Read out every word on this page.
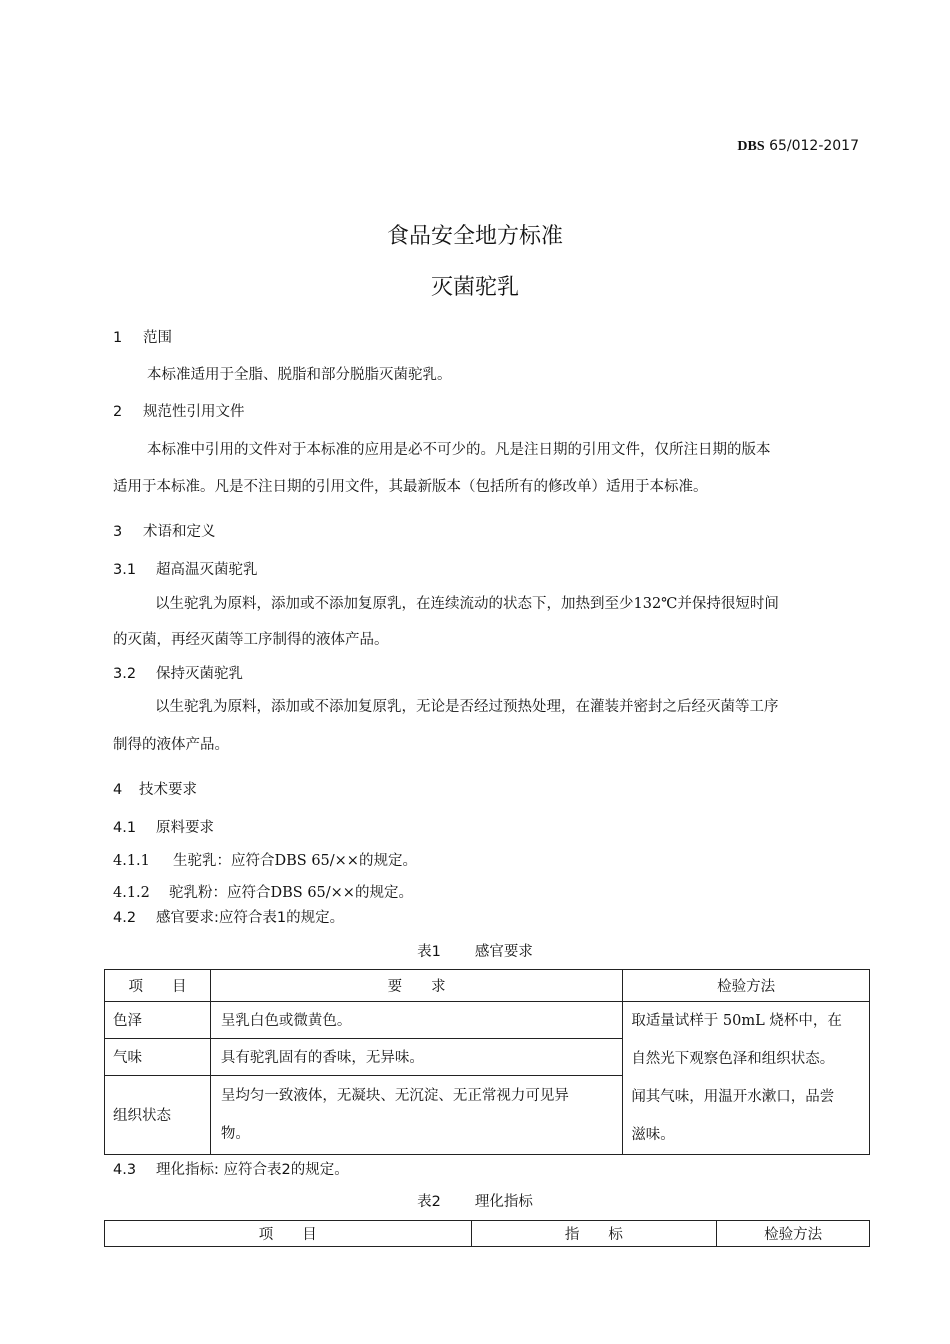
DBS 65/012-2017
食品安全地方标准
灭菌驼乳
1 范围
本标准适用于全脂、脱脂和部分脱脂灭菌驼乳。
2 规范性引用文件
本标准中引用的文件对于本标准的应用是必不可少的。凡是注日期的引用文件，仅所注日期的版本
适用于本标准。凡是不注日期的引用文件，其最新版本（包括所有的修改单）适用于本标准。
3 术语和定义
3.1 超高温灭菌驼乳
以生驼乳为原料，添加或不添加复原乳，在连续流动的状态下，加热到至少132℃并保持很短时间
的灭菌，再经灭菌等工序制得的液体产品。
3.2 保持灭菌驼乳
以生驼乳为原料，添加或不添加复原乳，无论是否经过预热处理，在灌装并密封之后经灭菌等工序
制得的液体产品。
4 技术要求
4.1 原料要求
4.1.1 生驼乳：应符合DBS 65/××的规定。
4.1.2 驼乳粉：应符合DBS 65/××的规定。
4.2 感官要求:应符合表1的规定。
表1 感官要求
项　　目	要　　求	检验方法
色泽	呈乳白色或微黄色。	取适量试样于 50mL 烧杯中，在
自然光下观察色泽和组织状态。
闻其气味，用温开水漱口，品尝
滋味。

气味	具有驼乳固有的香味，无异味。	
组织状态	呈均匀一致液体，无凝块、无沉淀、无正常视力可见异
物。	
4.3 理化指标: 应符合表2的规定。
表2 理化指标
项　　目	指　　标	检验方法
